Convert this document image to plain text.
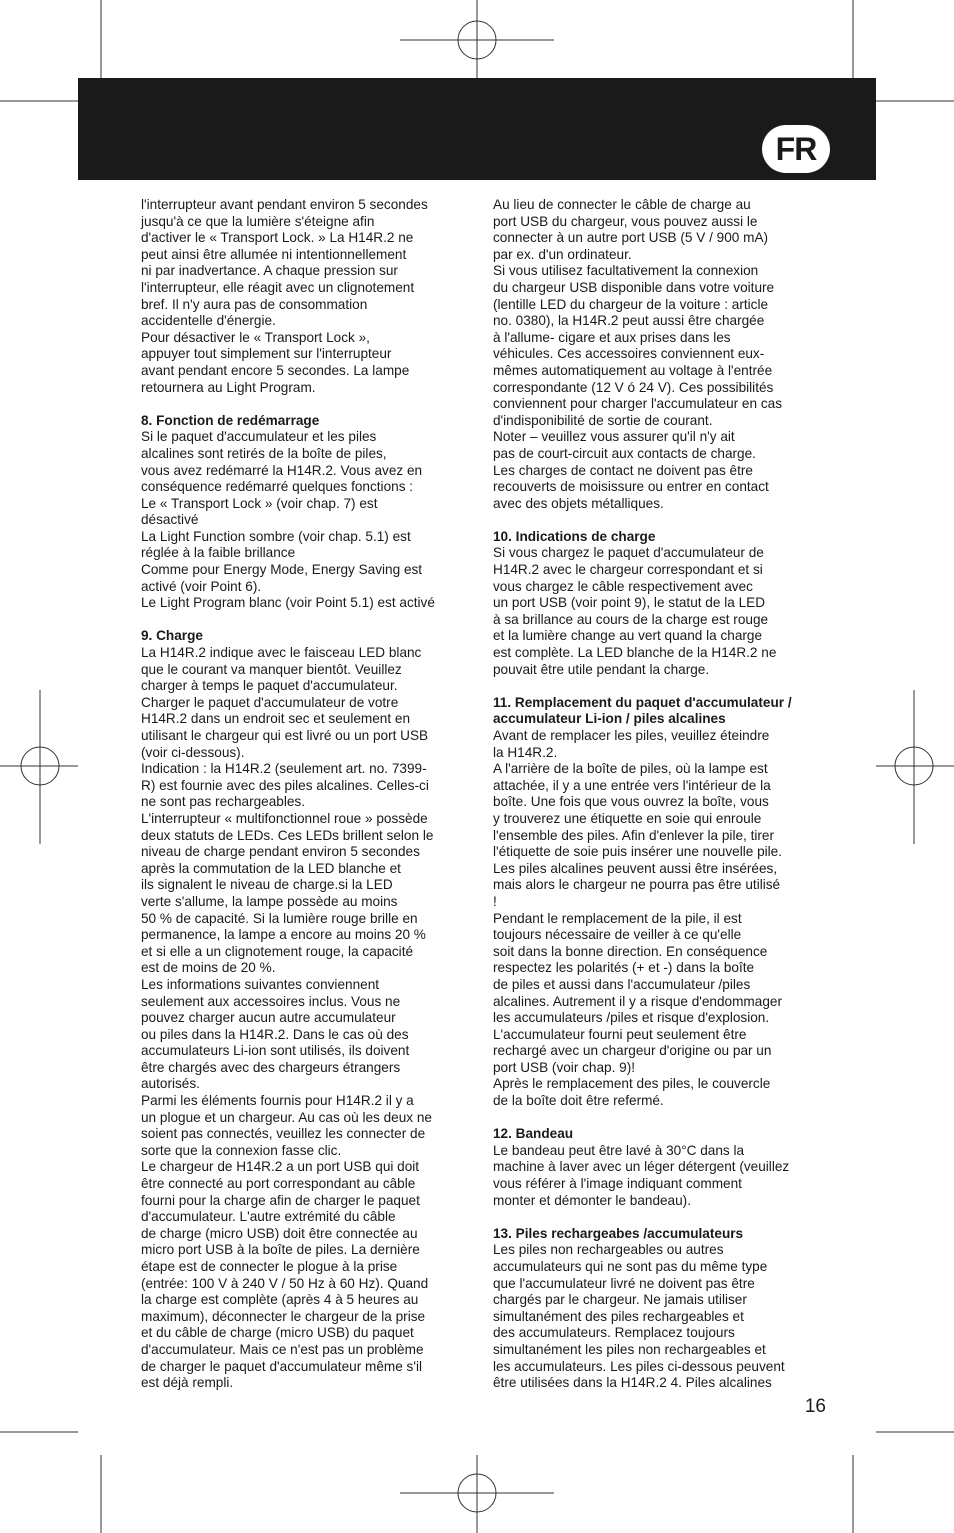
FR

l'interrupteur avant pendant environ 5 secondes

jusqu'à ce que la lumière s'éteigne afin

d'activer le « Transport Lock. » La H14R.2 ne

peut ainsi être allumée ni intentionnellement

ni par inadvertance. A chaque pression sur

l'interrupteur, elle réagit avec un clignotement

bref. Il n'y aura pas de consommation

accidentelle d'énergie.

Pour désactiver le « Transport Lock »,

appuyer tout simplement sur l'interrupteur

avant pendant encore 5 secondes. La lampe

retournera au Light Program.

8. Fonction de redémarrage

Si le paquet d'accumulateur et les piles

alcalines sont retirés de la boîte de piles,

vous avez redémarré la H14R.2. Vous avez en

conséquence redémarré quelques fonctions :

Le « Transport Lock » (voir chap. 7) est

désactivé

La Light Function sombre (voir chap. 5.1) est

réglée à la faible brillance

Comme pour Energy Mode, Energy Saving est

activé (voir Point 6).

Le Light Program blanc (voir Point 5.1) est activé

9. Charge

La H14R.2 indique avec le faisceau LED blanc

que le courant va manquer bientôt. Veuillez

charger à temps le paquet d'accumulateur.

Charger le paquet d'accumulateur de votre

H14R.2 dans un endroit sec et seulement en

utilisant le chargeur qui est livré ou un port USB

(voir ci-dessous).

Indication : la H14R.2 (seulement art. no. 7399-

R) est fournie avec des piles alcalines. Celles-ci

ne sont pas rechargeables.

L'interrupteur « multifonctionnel roue » possède

deux statuts de LEDs. Ces LEDs brillent selon le

niveau de charge pendant environ 5 secondes

après la commutation de la LED blanche et

ils signalent le niveau de charge.si la LED

verte s'allume, la lampe possède au moins

50 % de capacité. Si la lumière rouge brille en

permanence, la lampe a encore au moins 20 %

et si elle a un clignotement rouge, la capacité

est de moins de 20 %.

Les informations suivantes conviennent

seulement aux accessoires inclus. Vous ne

pouvez charger aucun autre accumulateur

ou piles dans la H14R.2. Dans le cas où des

accumulateurs Li-ion sont utilisés, ils doivent

être chargés avec des chargeurs étrangers

autorisés.

Parmi les éléments fournis pour H14R.2 il y a

un plogue et un chargeur. Au cas où les deux ne

soient pas connectés, veuillez les connecter de

sorte que la connexion fasse clic.

Le chargeur de H14R.2 a un port USB qui doit

être connecté au port correspondant au câble

fourni pour la charge afin de charger le paquet

d'accumulateur. L'autre extrémité du câble

de charge (micro USB) doit être connectée au

micro port USB à la boîte de piles. La dernière

étape est de connecter le plogue à la prise

(entrée: 100 V à 240 V / 50 Hz à 60 Hz). Quand

la charge est complète (après 4 à 5 heures au

maximum), déconnecter le chargeur de la prise

et du câble de charge (micro USB) du paquet

d'accumulateur. Mais ce n'est pas un problème

de charger le paquet d'accumulateur même s'il

est déjà rempli.

Au lieu de connecter le câble de charge au

port USB du chargeur, vous pouvez aussi le

connecter à un autre port USB (5 V / 900 mA)

par ex. d'un ordinateur.

Si vous utilisez facultativement la connexion

du chargeur USB disponible dans votre voiture

(lentille LED du chargeur de la voiture : article

no. 0380), la H14R.2 peut aussi être chargée

à l'allume- cigare et aux prises dans les

véhicules. Ces accessoires conviennent eux-

mêmes automatiquement au voltage à l'entrée

correspondante (12 V ó 24 V). Ces possibilités

conviennent pour charger l'accumulateur en cas

d'indisponibilité de sortie de courant.

Noter – veuillez vous assurer qu'il n'y ait

pas de court-circuit aux contacts de charge.

Les charges de contact ne doivent pas être

recouverts de moisissure ou entrer en contact

avec des objets métalliques.

10. Indications de charge

Si vous chargez le paquet d'accumulateur de

H14R.2 avec le chargeur correspondant et si

vous chargez le câble respectivement avec

un port USB (voir point 9), le statut de la LED

à sa brillance au cours de la charge est rouge

et la lumière change au vert quand la charge

est complète. La LED blanche de la H14R.2 ne

pouvait être utile pendant la charge.

11. Remplacement du paquet d'accumulateur /

accumulateur Li-ion / piles alcalines

Avant de remplacer les piles, veuillez éteindre

la H14R.2.

A l'arrière de la boîte de piles, où la lampe est

attachée, il y a une entrée vers l'intérieur de la

boîte. Une fois que vous ouvrez la boîte, vous

y trouverez une étiquette en soie qui enroule

l'ensemble des piles. Afin d'enlever la pile, tirer

l'étiquette de soie puis insérer une nouvelle pile.

Les piles alcalines peuvent aussi être insérées,

mais alors le chargeur ne pourra pas être utilisé

!

Pendant le remplacement de la pile, il est

toujours nécessaire de veiller à ce qu'elle

soit dans la bonne direction. En conséquence

respectez les polarités (+ et -) dans la boîte

de piles et aussi dans l'accumulateur /piles

alcalines. Autrement il y a risque d'endommager

les accumulateurs /piles et risque d'explosion.

L'accumulateur fourni peut seulement être

rechargé avec un chargeur d'origine ou par un

port USB (voir chap. 9)!

Après le remplacement des piles, le couvercle

de la boîte doit être refermé.

12. Bandeau

Le bandeau peut être lavé à 30°C dans la

machine à laver avec un léger détergent (veuillez

vous référer à l'image indiquant comment

monter et démonter le bandeau).

13. Piles rechargeabes /accumulateurs

Les piles non rechargeables ou autres

accumulateurs qui ne sont pas du même type

que l'accumulateur livré ne doivent pas être

chargés par le chargeur. Ne jamais utiliser

simultanément des piles rechargeables et

des accumulateurs. Remplacez toujours

simultanément les piles non rechargeables et

les accumulateurs. Les piles ci-dessous peuvent

être utilisées dans la H14R.2 4. Piles alcalines

16
